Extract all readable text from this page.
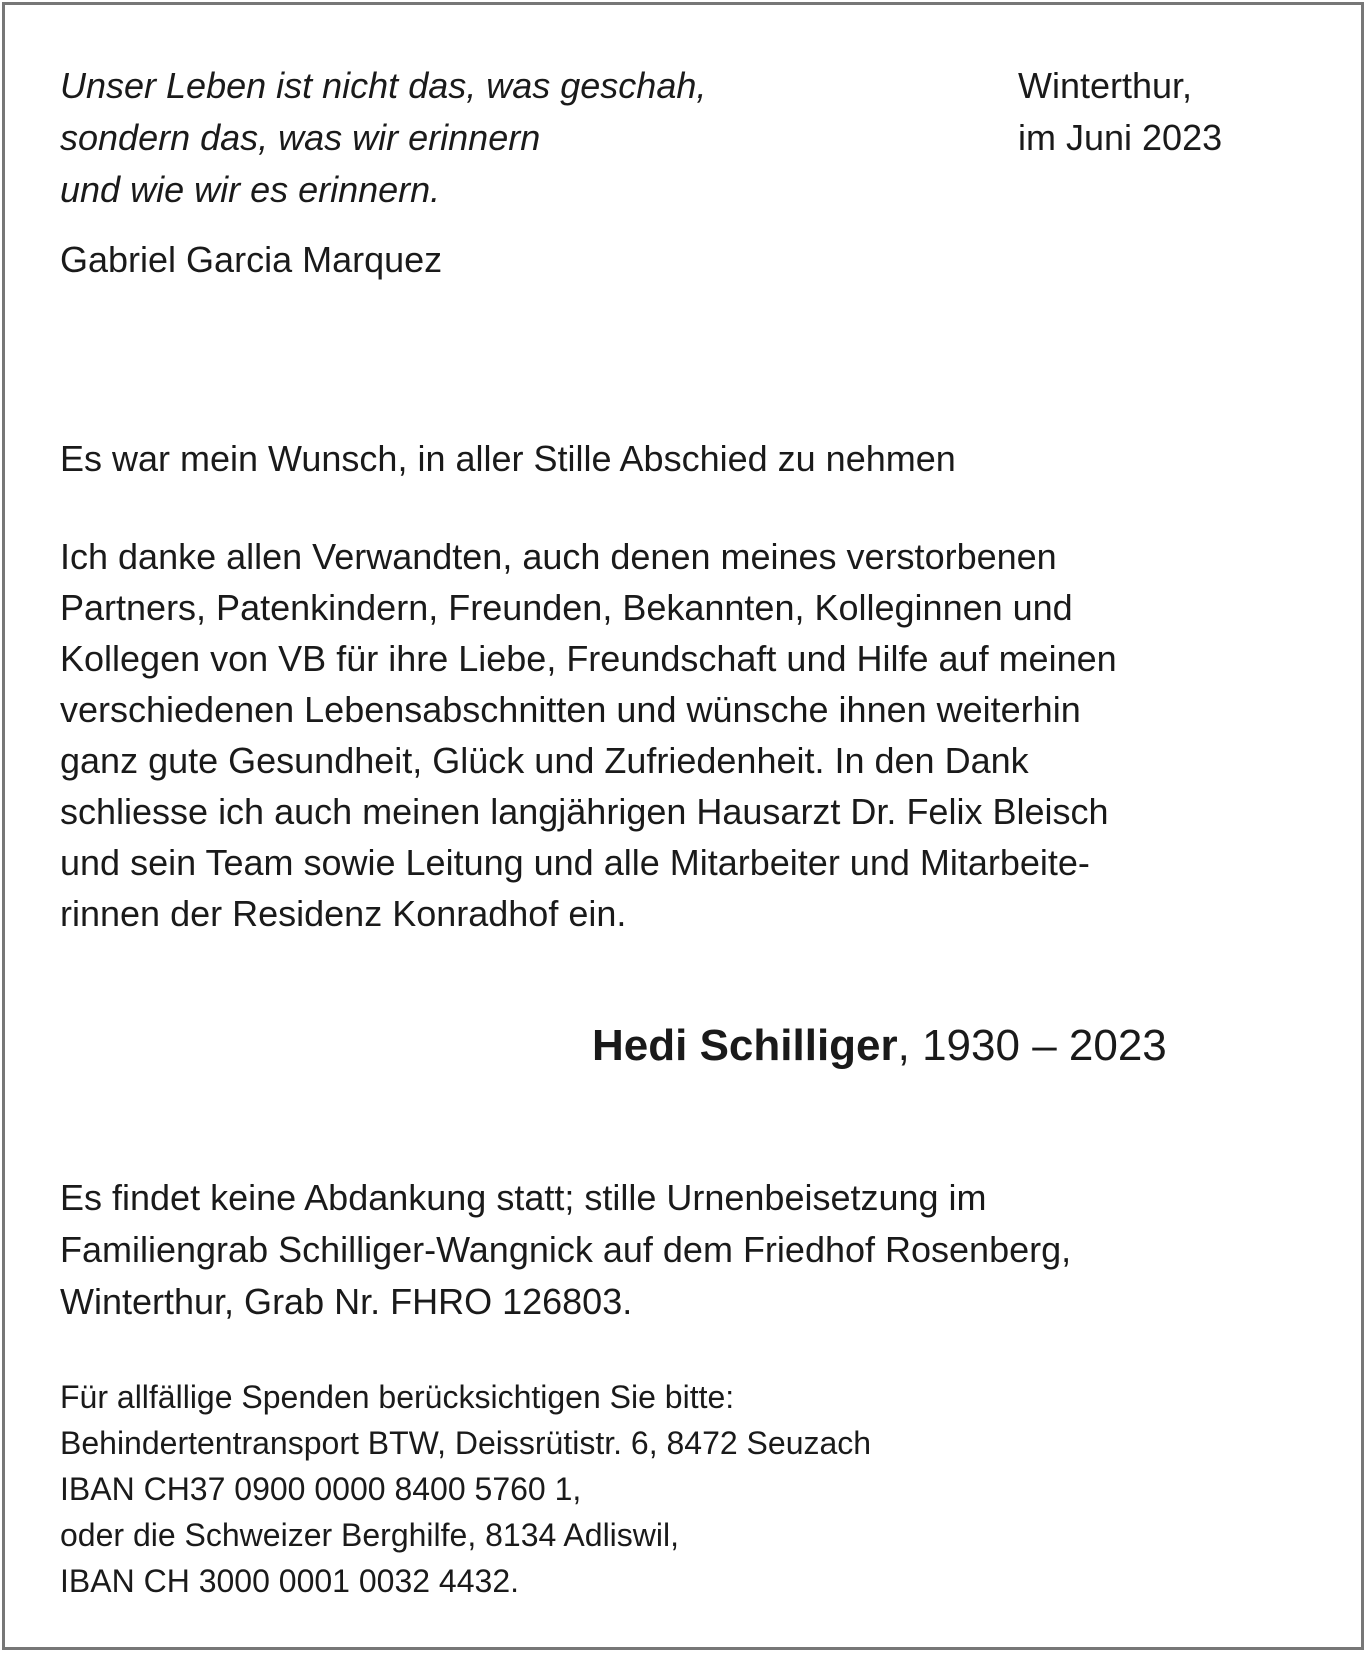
Unser Leben ist nicht das, was geschah,
sondern das, was wir erinnern
und wie wir es erinnern.
Gabriel Garcia Marquez
Winterthur,
im Juni 2023
Es war mein Wunsch, in aller Stille Abschied zu nehmen
Ich danke allen Verwandten, auch denen meines verstorbenen
Partners, Patenkindern, Freunden, Bekannten, Kolleginnen und
Kollegen von VB für ihre Liebe, Freundschaft und Hilfe auf meinen
verschiedenen Lebensabschnitten und wünsche ihnen weiterhin
ganz gute Gesundheit, Glück und Zufriedenheit. In den Dank
schliesse ich auch meinen langjährigen Hausarzt Dr. Felix Bleisch
und sein Team sowie Leitung und alle Mitarbeiter und Mitarbeite-
rinnen der Residenz Konradhof ein.
Hedi Schilliger, 1930 – 2023
Es findet keine Abdankung statt; stille Urnenbeisetzung im
Familiengrab Schilliger-Wangnick auf dem Friedhof Rosenberg,
Winterthur, Grab Nr. FHRO 126803.
Für allfällige Spenden berücksichtigen Sie bitte:
Behindertentransport BTW, Deissrütistr. 6, 8472 Seuzach
IBAN CH37 0900 0000 8400 5760 1,
oder die Schweizer Berghilfe, 8134 Adliswil,
IBAN CH 3000 0001 0032 4432.
